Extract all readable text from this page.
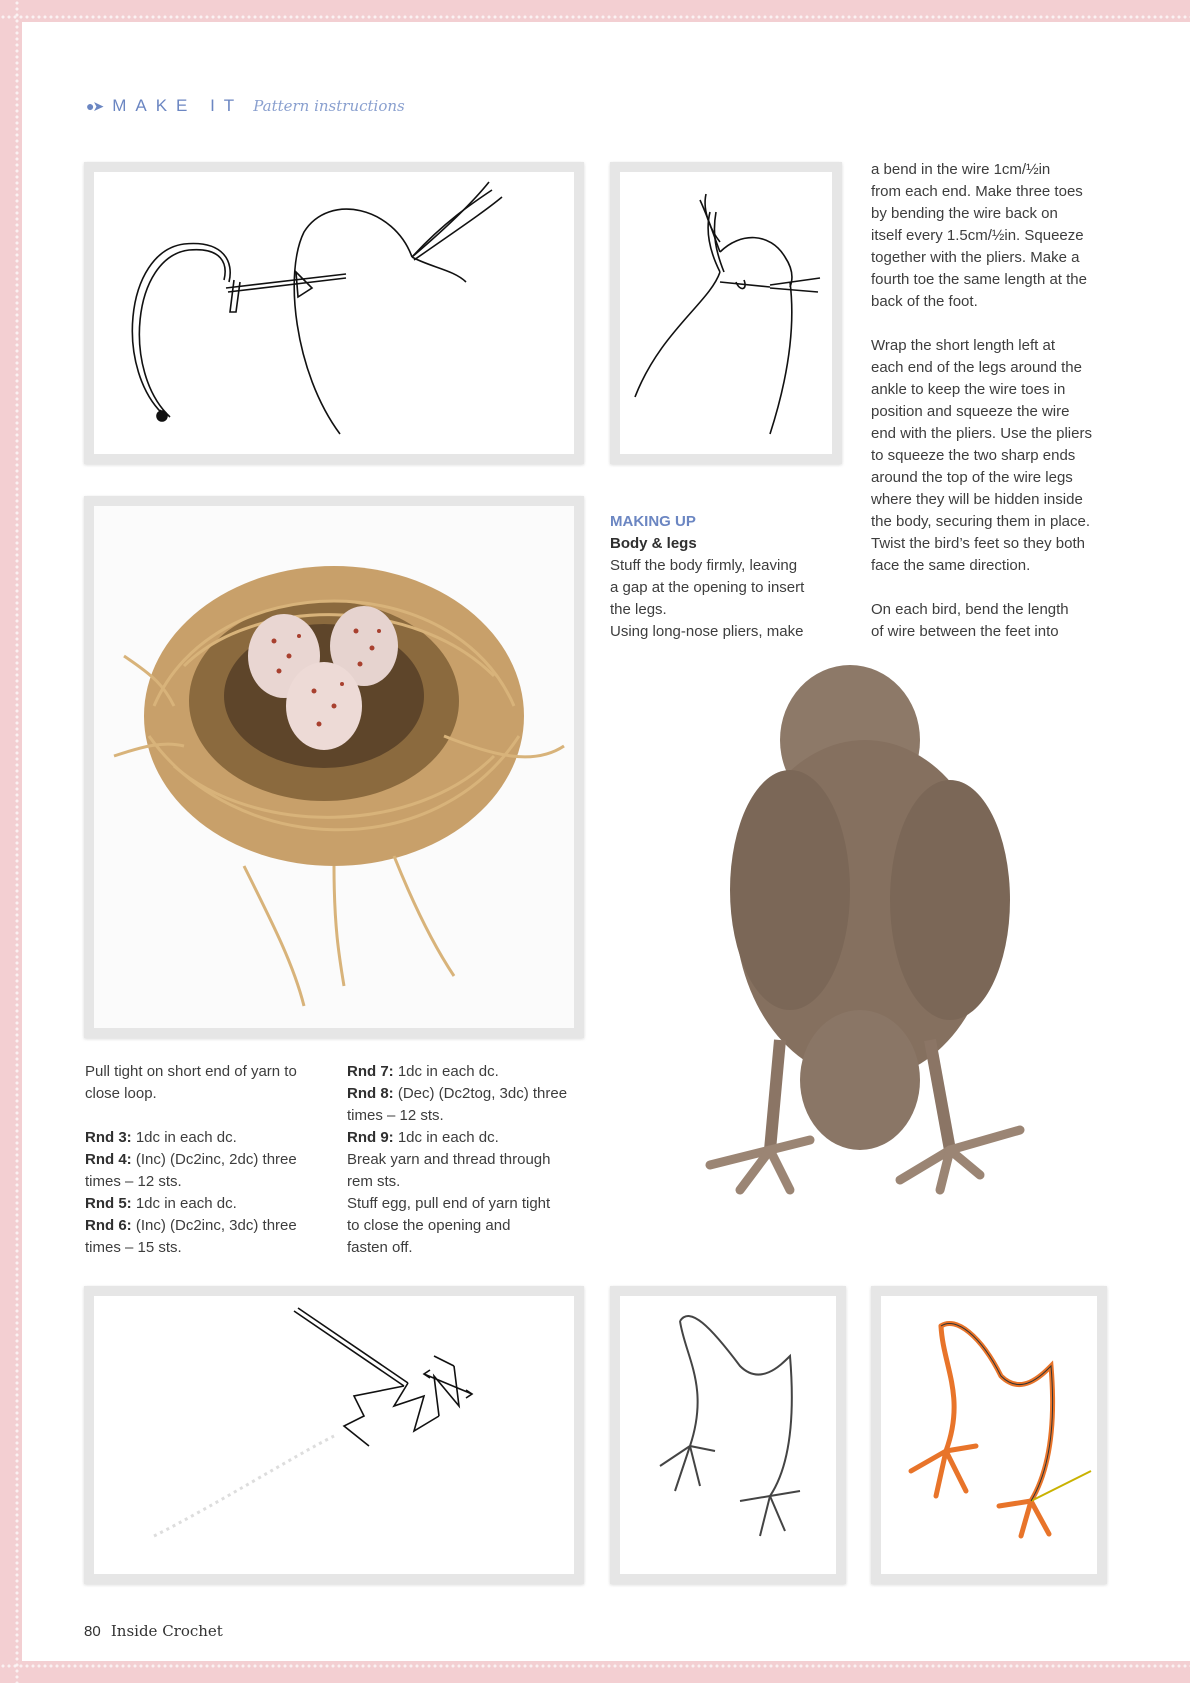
●➤ MAKE IT Pattern instructions

a bend in the wire 1cm/½in

from each end. Make three toes

by bending the wire back on

itself every 1.5cm/½in. Squeeze

together with the pliers. Make a

fourth toe the same length at the

back of the foot.

Wrap the short length left at

each end of the legs around the

ankle to keep the wire toes in

position and squeeze the wire

end with the pliers. Use the pliers

to squeeze the two sharp ends

around the top of the wire legs

where they will be hidden inside

the body, securing them in place.

Twist the bird’s feet so they both

face the same direction.

On each bird, bend the length

of wire between the feet into

MAKING UP

Body & legs

Stuff the body firmly, leaving

a gap at the opening to insert

the legs.

Using long-nose pliers, make

Pull tight on short end of yarn to

close loop.

Rnd 3: 1dc in each dc.

Rnd 4: (Inc) (Dc2inc, 2dc) three

times – 12 sts.

Rnd 5: 1dc in each dc.

Rnd 6: (Inc) (Dc2inc, 3dc) three

times – 15 sts.

Rnd 7: 1dc in each dc.

Rnd 8: (Dec) (Dc2tog, 3dc) three

times – 12 sts.

Rnd 9: 1dc in each dc.

Break yarn and thread through

rem sts.

Stuff egg, pull end of yarn tight

to close the opening and

fasten off.

80 Inside Crochet
